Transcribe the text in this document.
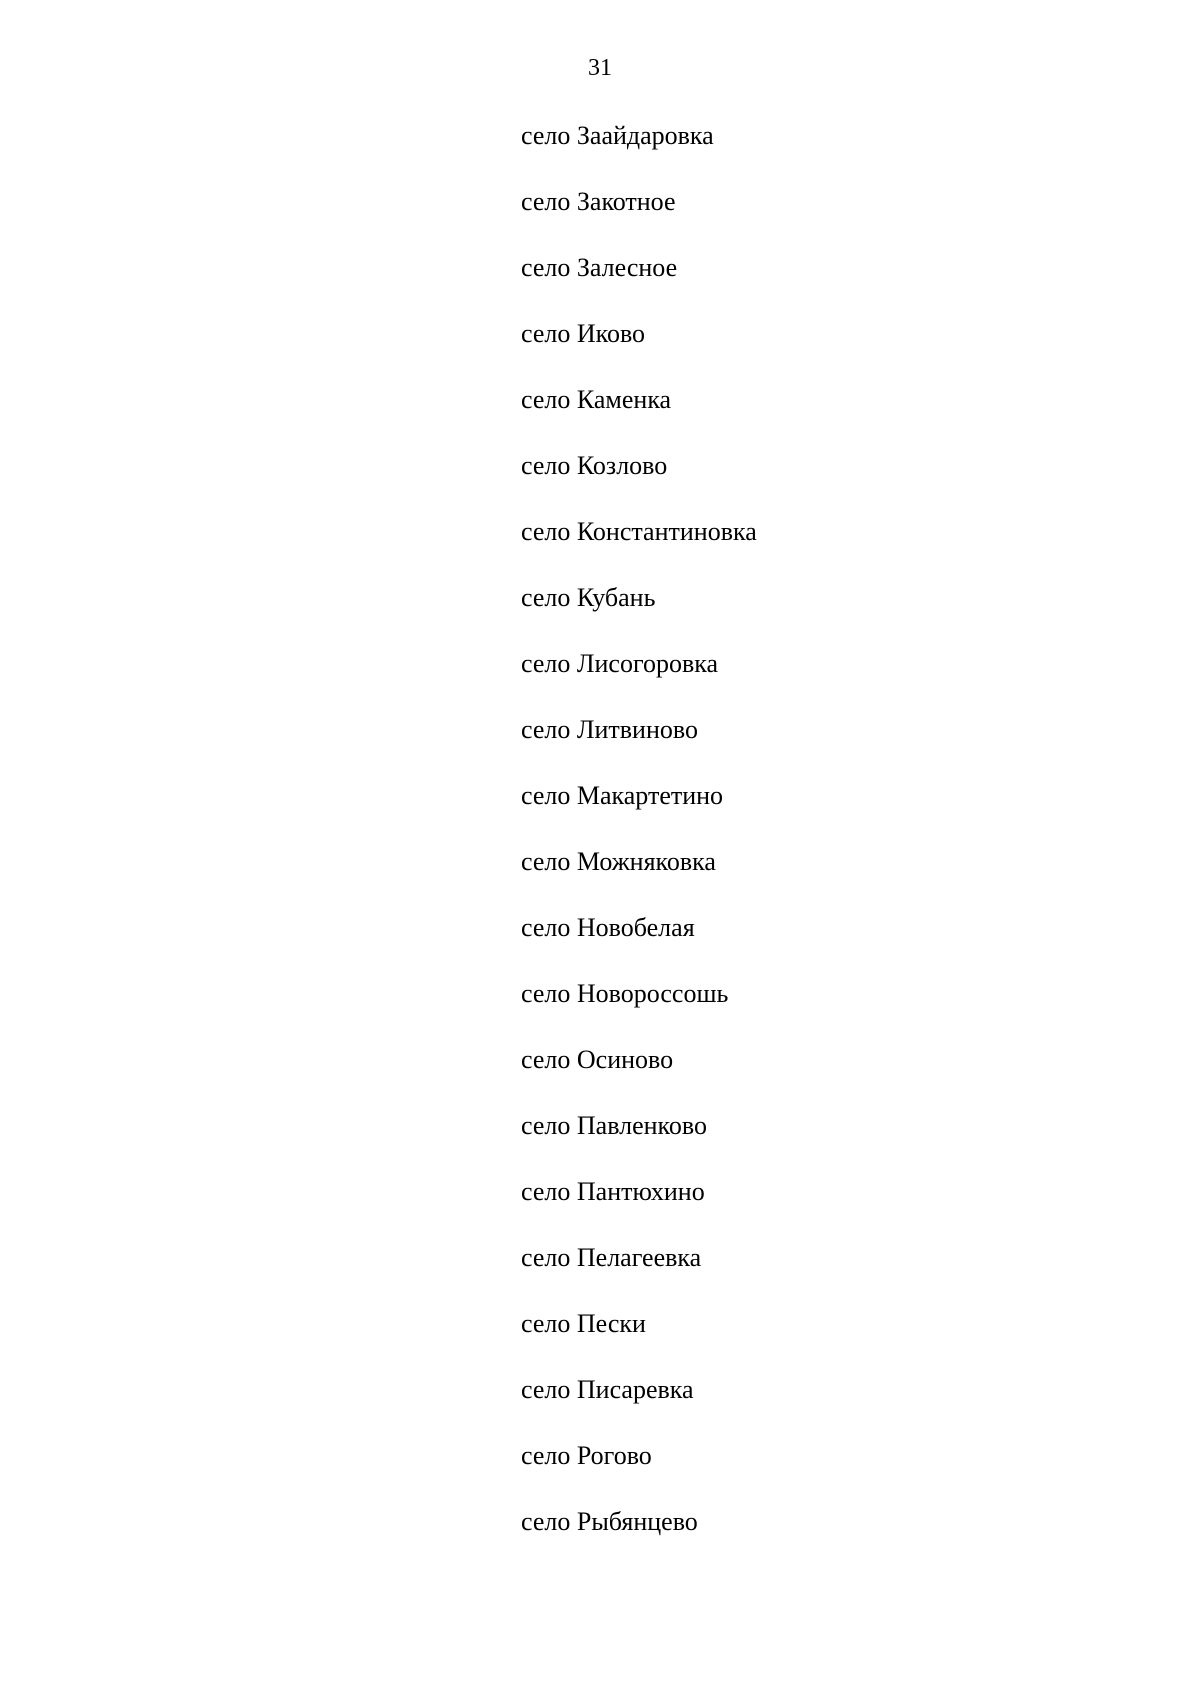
31
село Заайдаровка
село Закотное
село Залесное
село Иково
село Каменка
село Козлово
село Константиновка
село Кубань
село Лисогоровка
село Литвиново
село Макартетино
село Можняковка
село Новобелая
село Новороссошь
село Осиново
село Павленково
село Пантюхино
село Пелагеевка
село Пески
село Писаревка
село Рогово
село Рыбянцево
